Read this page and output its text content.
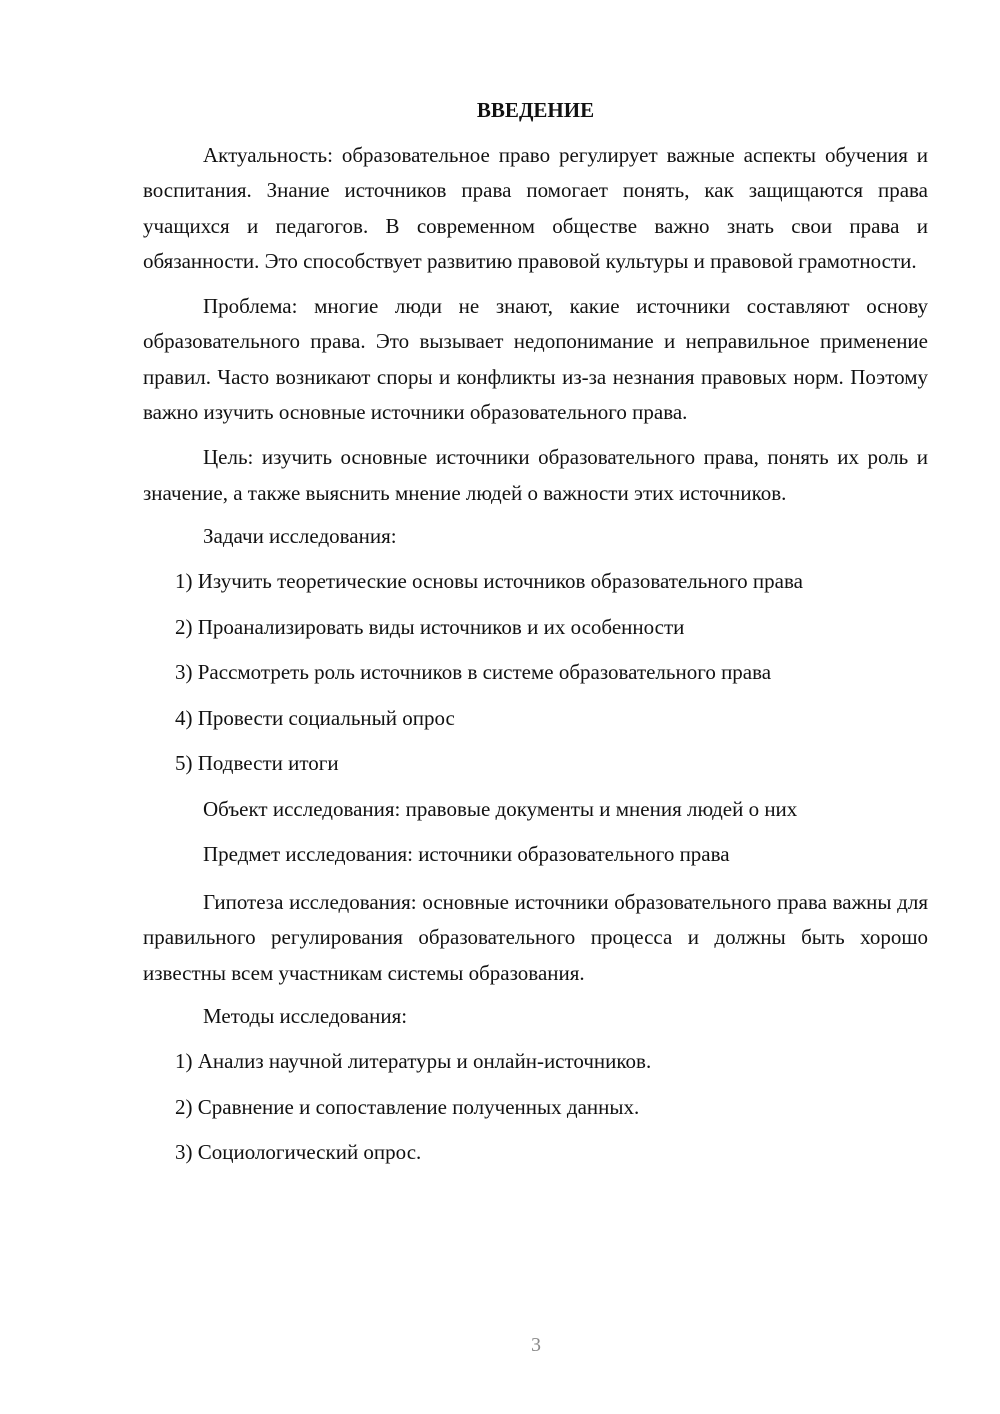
ВВЕДЕНИЕ

Актуальность: образовательное право регулирует важные аспекты обучения и воспитания. Знание источников права помогает понять, как защищаются права учащихся и педагогов. В современном обществе важно знать свои права и обязанности. Это способствует развитию правовой культуры и правовой грамотности.

Проблема: многие люди не знают, какие источники составляют основу образовательного права. Это вызывает недопонимание и неправильное применение правил. Часто возникают споры и конфликты из-за незнания правовых норм. Поэтому важно изучить основные источники образовательного права.

Цель: изучить основные источники образовательного права, понять их роль и значение, а также выяснить мнение людей о важности этих источников.

Задачи исследования:
1) Изучить теоретические основы источников образовательного права
2) Проанализировать виды источников и их особенности
3) Рассмотреть роль источников в системе образовательного права
4) Провести социальный опрос
5) Подвести итоги
Объект исследования: правовые документы и мнения людей о них
Предмет исследования: источники образовательного права

Гипотеза исследования: основные источники образовательного права важны для правильного регулирования образовательного процесса и должны быть хорошо известны всем участникам системы образования.

Методы исследования:
1) Анализ научной литературы и онлайн-источников.
2) Сравнение и сопоставление полученных данных.
3) Социологический опрос.
3
